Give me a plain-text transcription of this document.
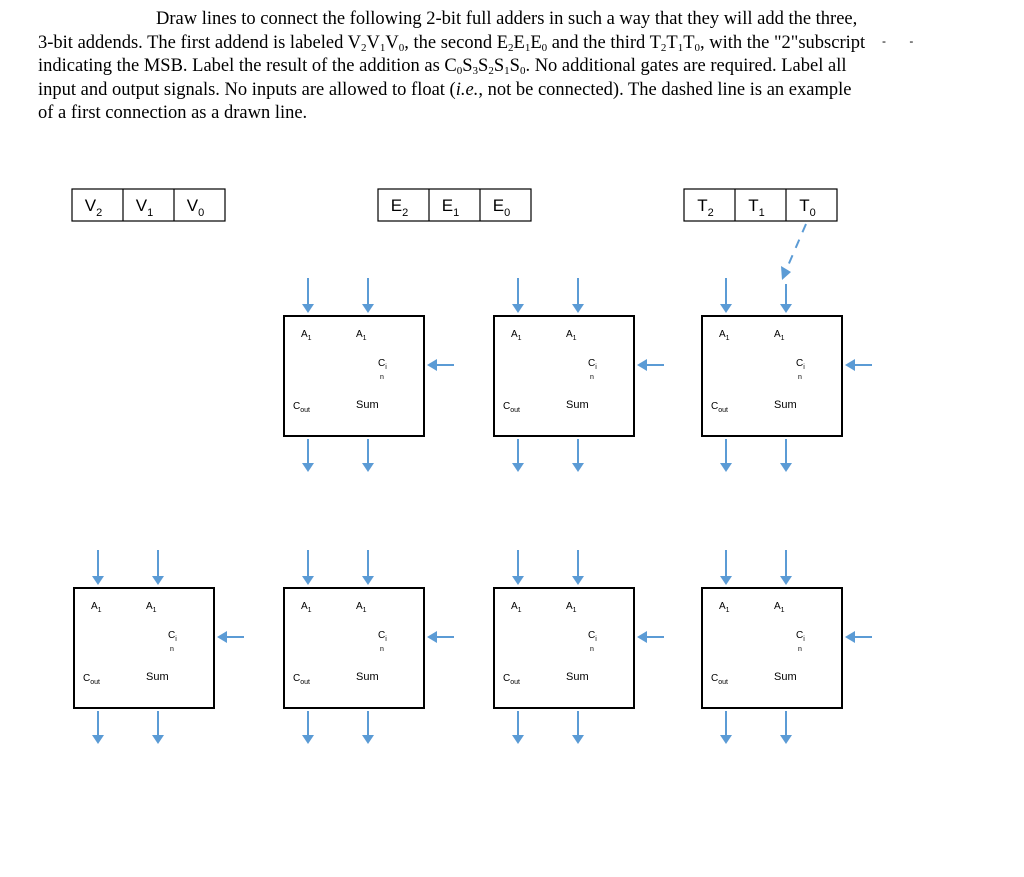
Draw lines to connect the following 2-bit full adders in such a way that they will add the three, 3-bit addends. The first addend is labeled $V_2V_1V_0$, the second $E_2E_1E_0$ and the third $T_2T_1T_0$, with the "2"subscript indicating the MSB. Label the result of the addition as $C_0S_3S_2S_1S_0$. No additional gates are required. Label all input and output signals. No inputs are allowed to float (i.e., not be connected). The dashed line is an example of a first connection as a drawn line.

- -
$V_2$ $V_1$ $V_0$	$E_2$ $E_1$ $E_0$	$T_2$ $T_1$ $T_0$
$A_1$	$A_1$
$C_i$
n
$C_{out}$	Sum
$A_1$	$A_1$
$C_i$
n
$C_{out}$	Sum
$A_1$	$A_1$
$C_i$
n
$C_{out}$	Sum
$A_1$	$A_1$
$C_i$
n
$C_{out}$	Sum
$A_1$	$A_1$
$C_i$
n
$C_{out}$	Sum
$A_1$	$A_1$
$C_i$
n
$C_{out}$	Sum
$A_1$	$A_1$
$C_i$
n
$C_{out}$	Sum
